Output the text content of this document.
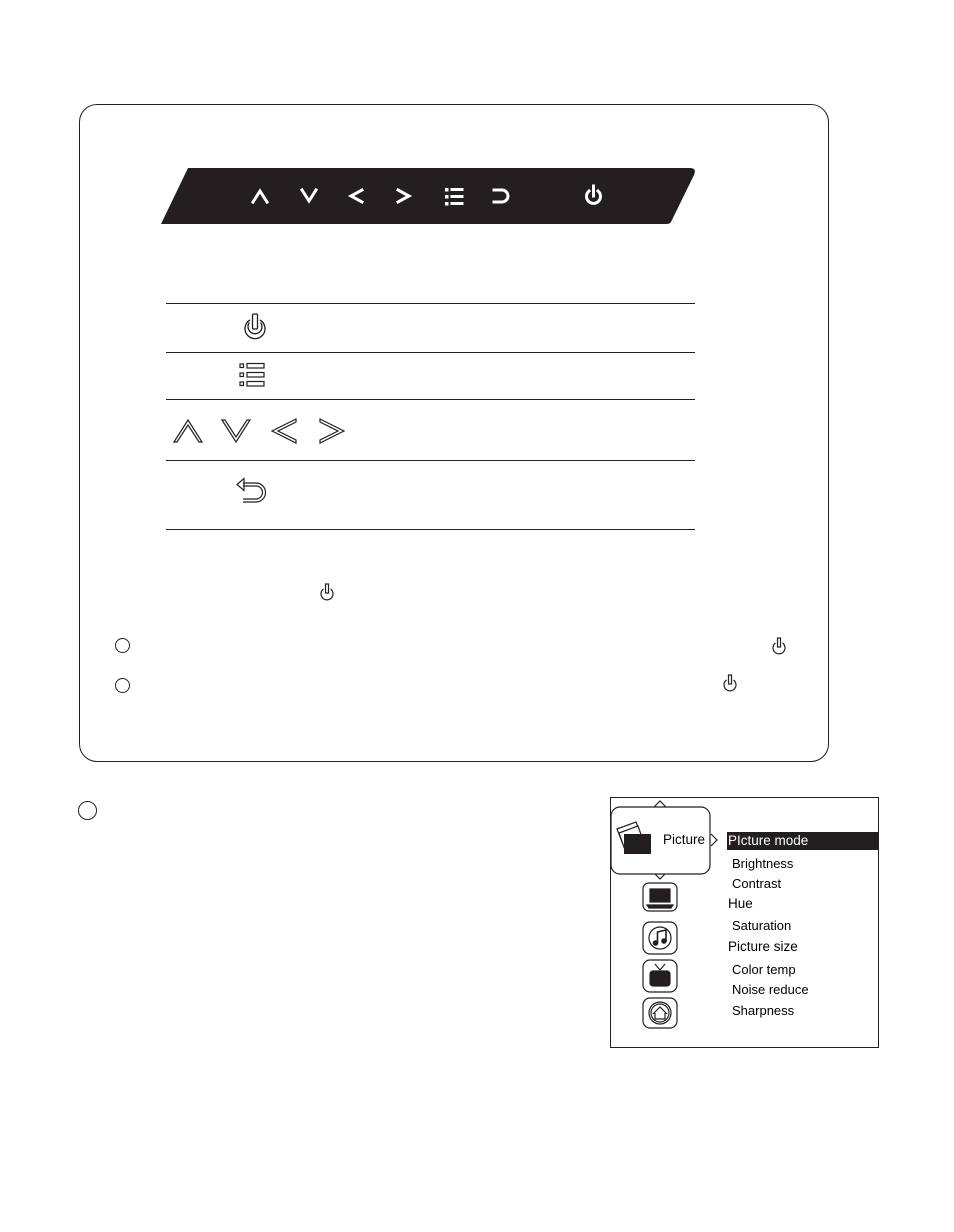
Picture PIcture mode
Brightness
Contrast
Hue
Saturation
Picture size
Color temp
Noise reduce
Sharpness
